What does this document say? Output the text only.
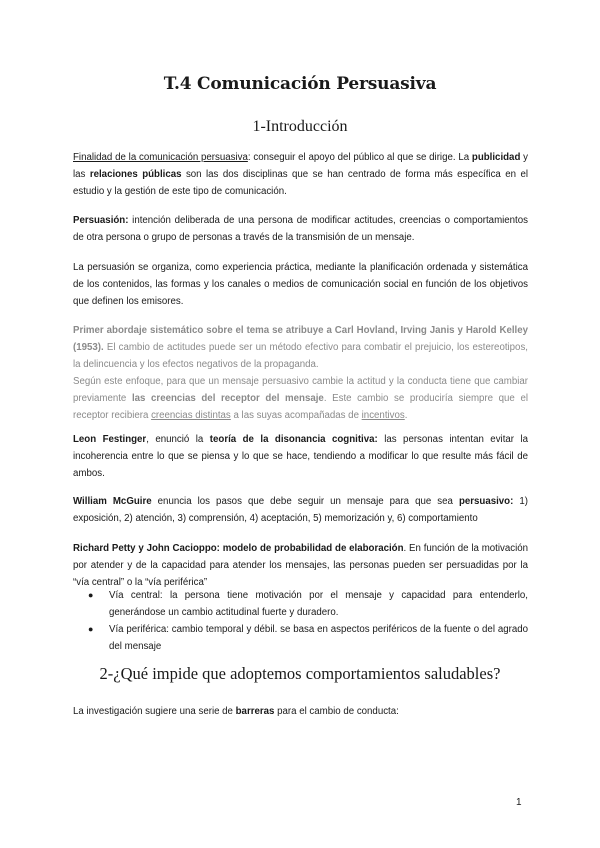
T.4 Comunicación Persuasiva
1-Introducción
Finalidad de la comunicación persuasiva: conseguir el apoyo del público al que se dirige. La publicidad y las relaciones públicas son las dos disciplinas que se han centrado de forma más específica en el estudio y la gestión de este tipo de comunicación.
Persuasión: intención deliberada de una persona de modificar actitudes, creencias o comportamientos de otra persona o grupo de personas a través de la transmisión de un mensaje.
La persuasión se organiza, como experiencia práctica, mediante la planificación ordenada y sistemática de los contenidos, las formas y los canales o medios de comunicación social en función de los objetivos que definen los emisores.
Primer abordaje sistemático sobre el tema se atribuye a Carl Hovland, Irving Janis y Harold Kelley (1953). El cambio de actitudes puede ser un método efectivo para combatir el prejuicio, los estereotipos, la delincuencia y los efectos negativos de la propaganda.
Según este enfoque, para que un mensaje persuasivo cambie la actitud y la conducta tiene que cambiar previamente las creencias del receptor del mensaje. Este cambio se produciría siempre que el receptor recibiera creencias distintas a las suyas acompañadas de incentivos.
Leon Festinger, enunció la teoría de la disonancia cognitiva: las personas intentan evitar la incoherencia entre lo que se piensa y lo que se hace, tendiendo a modificar lo que resulte más fácil de ambos.
William McGuire enuncia los pasos que debe seguir un mensaje para que sea persuasivo: 1) exposición, 2) atención, 3) comprensión, 4) aceptación, 5) memorización y, 6) comportamiento
Richard Petty y John Cacioppo: modelo de probabilidad de elaboración. En función de la motivación por atender y de la capacidad para atender los mensajes, las personas pueden ser persuadidas por la “vía central” o la “vía periférica”
● Vía central: la persona tiene motivación por el mensaje y capacidad para entenderlo, generándose un cambio actitudinal fuerte y duradero.
● Vía periférica: cambio temporal y débil. se basa en aspectos periféricos de la fuente o del agrado del mensaje
2-¿Qué impide que adoptemos comportamientos saludables?
La investigación sugiere una serie de barreras para el cambio de conducta:
1
